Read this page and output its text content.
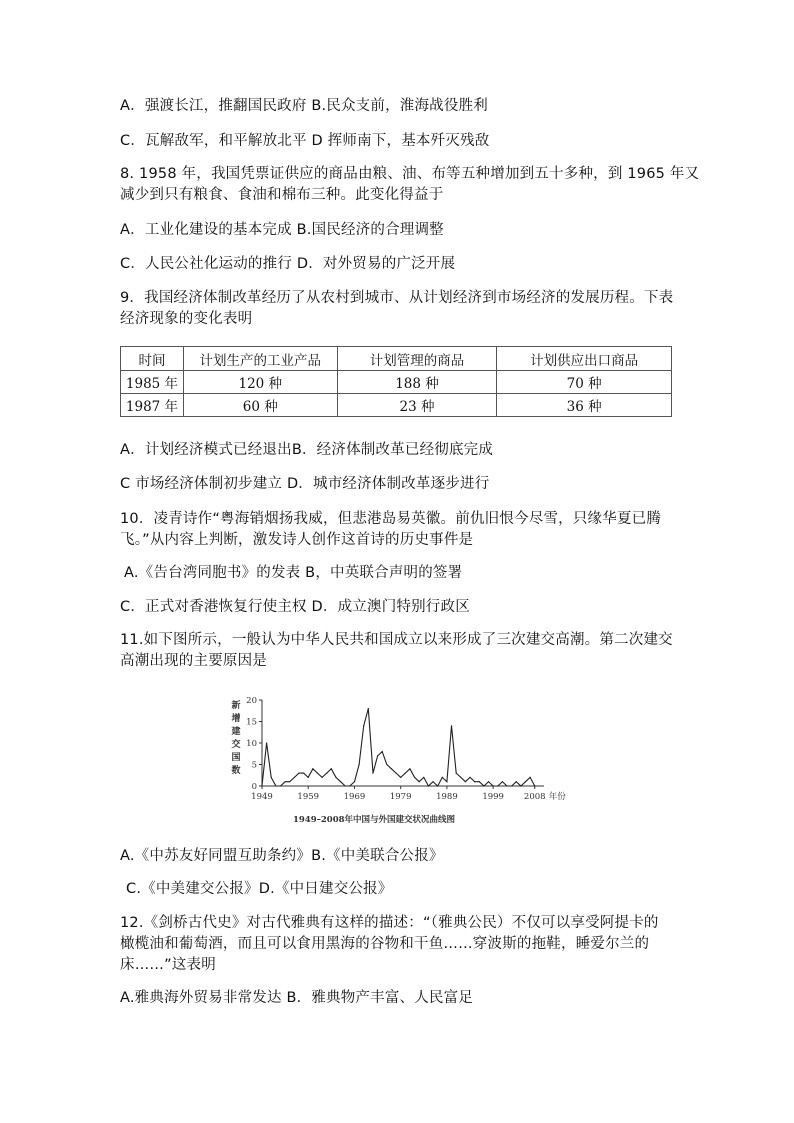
A．强渡长江，推翻国民政府 B.民众支前，淮海战役胜利
C．瓦解敌军，和平解放北平 D 挥师南下，基本歼灭残敌
8. 1958 年，我国凭票证供应的商品由粮、油、布等五种增加到五十多种，到 1965 年又
减少到只有粮食、食油和棉布三种。此变化得益于
A．工业化建设的基本完成 B.国民经济的合理调整
C．人民公社化运动的推行 D．对外贸易的广泛开展
9．我国经济体制改革经历了从农村到城市、从计划经济到市场经济的发展历程。下表
经济现象的变化表明
时间	计划生产的工业产品	计划管理的商品	计划供应出口商品
1985 年	120 种	188 种	70 种
1987 年	60 种	23 种	36 种
A．计划经济模式已经退出B．经济体制改革已经彻底完成
C 市场经济体制初步建立 D．城市经济体制改革逐步进行
10．凌青诗作“粤海销烟扬我威，但悲港岛易英徽。前仇旧恨今尽雪，只缘华夏已腾
飞。”从内容上判断，激发诗人创作这首诗的历史事件是
A.《告台湾同胞书》的发表 B，中英联合声明的签署
C．正式对香港恢复行使主权 D．成立澳门特别行政区
11.如下图所示，一般认为中华人民共和国成立以来形成了三次建交高潮。第二次建交
高潮出现的主要原因是
新
增
建
交
国
数
0
5
10
15
20
1949	1959	1969	1979	1989	1999 2008 年份
1949–2008年中国与外国建交状况曲线图
A.《中苏友好同盟互助条约》B.《中美联合公报》
C.《中美建交公报》D.《中日建交公报》
12.《剑桥古代史》对古代雅典有这样的描述：“（雅典公民）不仅可以享受阿提卡的
橄榄油和葡萄酒，而且可以食用黑海的谷物和干鱼……穿波斯的拖鞋，睡爱尔兰的
床……”这表明
A.雅典海外贸易非常发达 B．雅典物产丰富、人民富足
